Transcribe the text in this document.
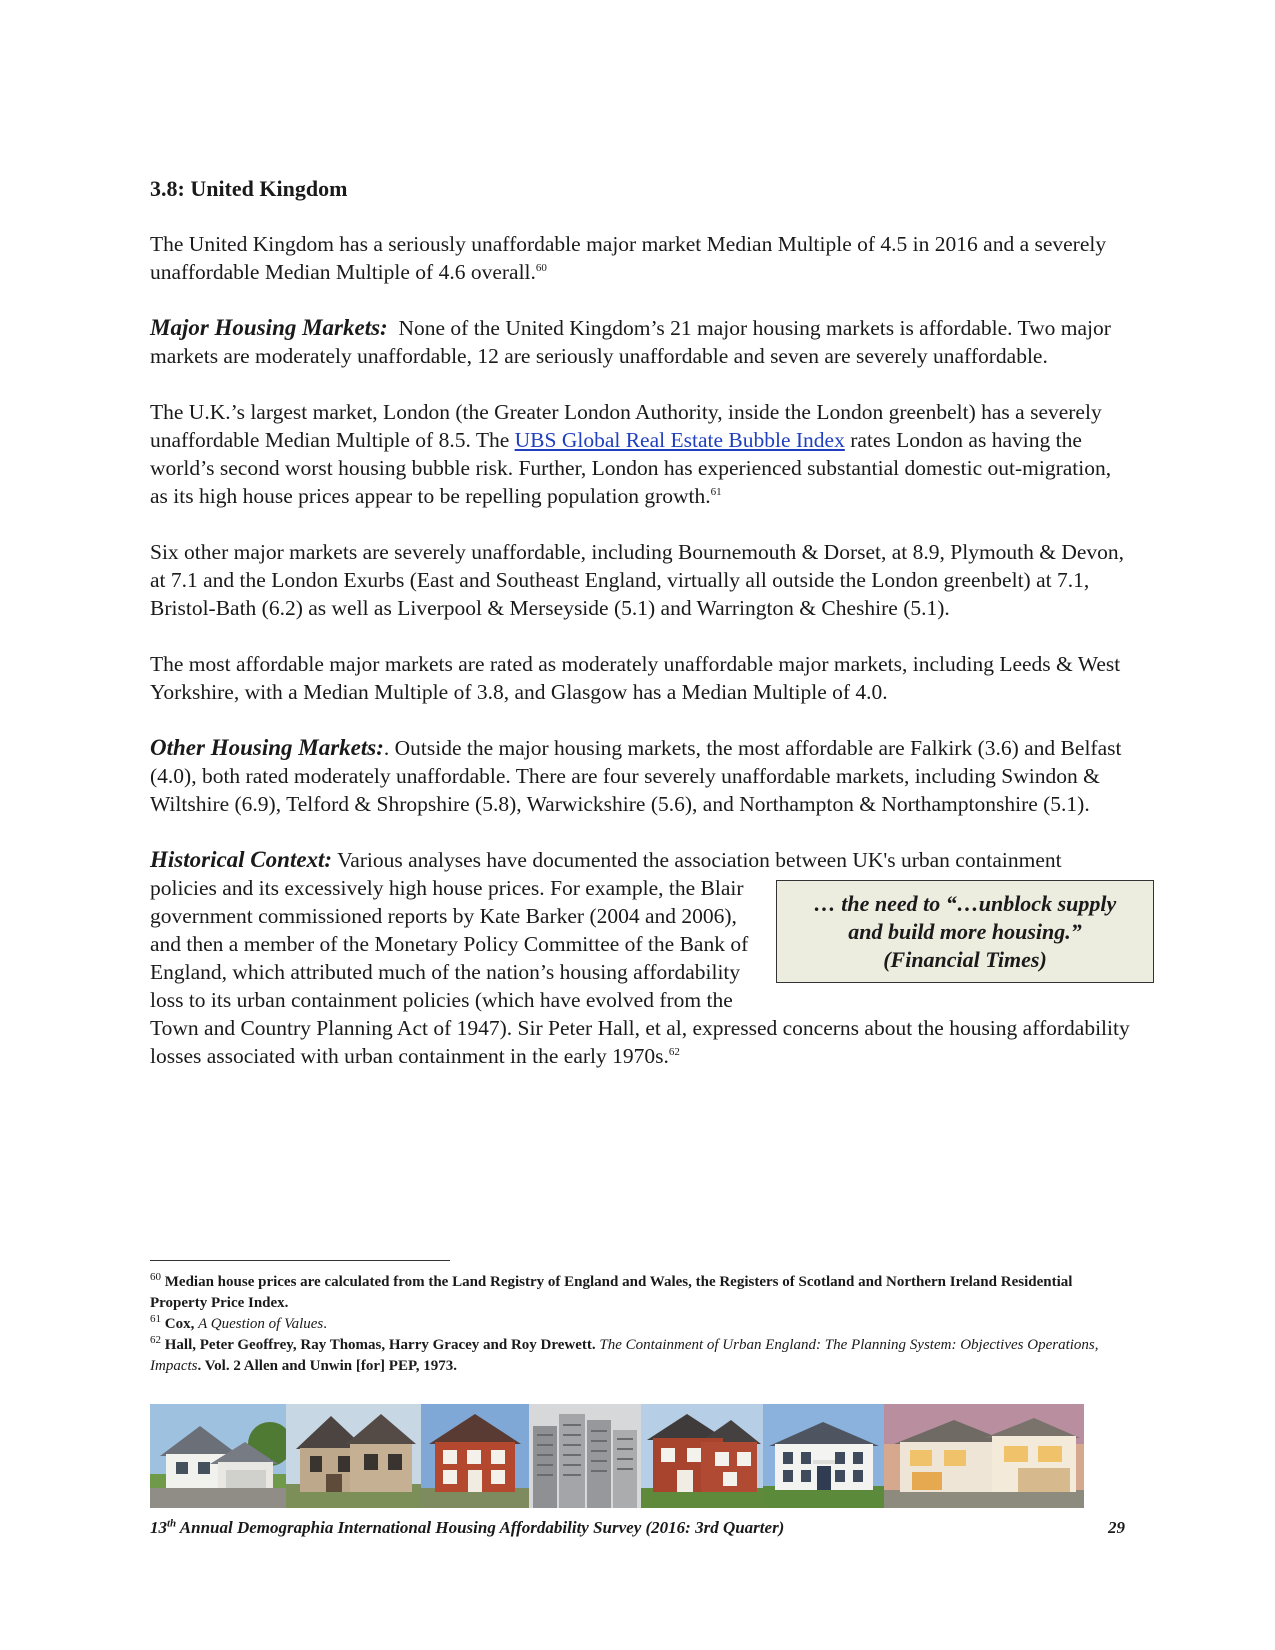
3.8: United Kingdom

The United Kingdom has a seriously unaffordable major market Median Multiple of 4.5 in 2016 and a severely unaffordable Median Multiple of 4.6 overall.$^{60}$

Major Housing Markets: None of the United Kingdom’s 21 major housing markets is affordable. Two major markets are moderately unaffordable, 12 are seriously unaffordable and seven are severely unaffordable.

The U.K.’s largest market, London (the Greater London Authority, inside the London greenbelt) has a severely unaffordable Median Multiple of 8.5. The UBS Global Real Estate Bubble Index rates London as having the world’s second worst housing bubble risk. Further, London has experienced substantial domestic out-migration, as its high house prices appear to be repelling population growth.$^{61}$

Six other major markets are severely unaffordable, including Bournemouth & Dorset, at 8.9, Plymouth & Devon, at 7.1 and the London Exurbs (East and Southeast England, virtually all outside the London greenbelt) at 7.1, Bristol-Bath (6.2) as well as Liverpool & Merseyside (5.1) and Warrington & Cheshire (5.1).

The most affordable major markets are rated as moderately unaffordable major markets, including Leeds & West Yorkshire, with a Median Multiple of 3.8, and Glasgow has a Median Multiple of 4.0.

Other Housing Markets:. Outside the major housing markets, the most affordable are Falkirk (3.6) and Belfast (4.0), both rated moderately unaffordable. There are four severely unaffordable markets, including Swindon & Wiltshire (6.9), Telford & Shropshire (5.8), Warwickshire (5.6), and Northampton & Northamptonshire (5.1).

Historical Context: Various analyses have documented the association between UK's urban containment policies and its excessively high house prices.
… the need to “…unblock supply
and build more housing.”
(Financial Times)
For example, the Blair government commissioned reports by Kate Barker (2004 and 2006), and then a member of the Monetary Policy Committee of the Bank of England, which attributed much of the nation’s housing affordability loss to its urban containment policies (which have evolved from the Town and Country Planning Act of 1947). Sir Peter Hall, et al, expressed concerns about the housing affordability losses associated with urban containment in the early 1970s.$^{62}$

$^{60}$ Median house prices are calculated from the Land Registry of England and Wales, the Registers of Scotland and Northern Ireland Residential Property Price Index.

$^{61}$ Cox, A Question of Values.

$^{62}$ Hall, Peter Geoffrey, Ray Thomas, Harry Gracey and Roy Drewett. The Containment of Urban England: The Planning System: Objectives Operations, Impacts. Vol. 2 Allen and Unwin [for] PEP, 1973.

13th Annual Demographia International Housing Affordability Survey (2016: 3rd Quarter)	29
